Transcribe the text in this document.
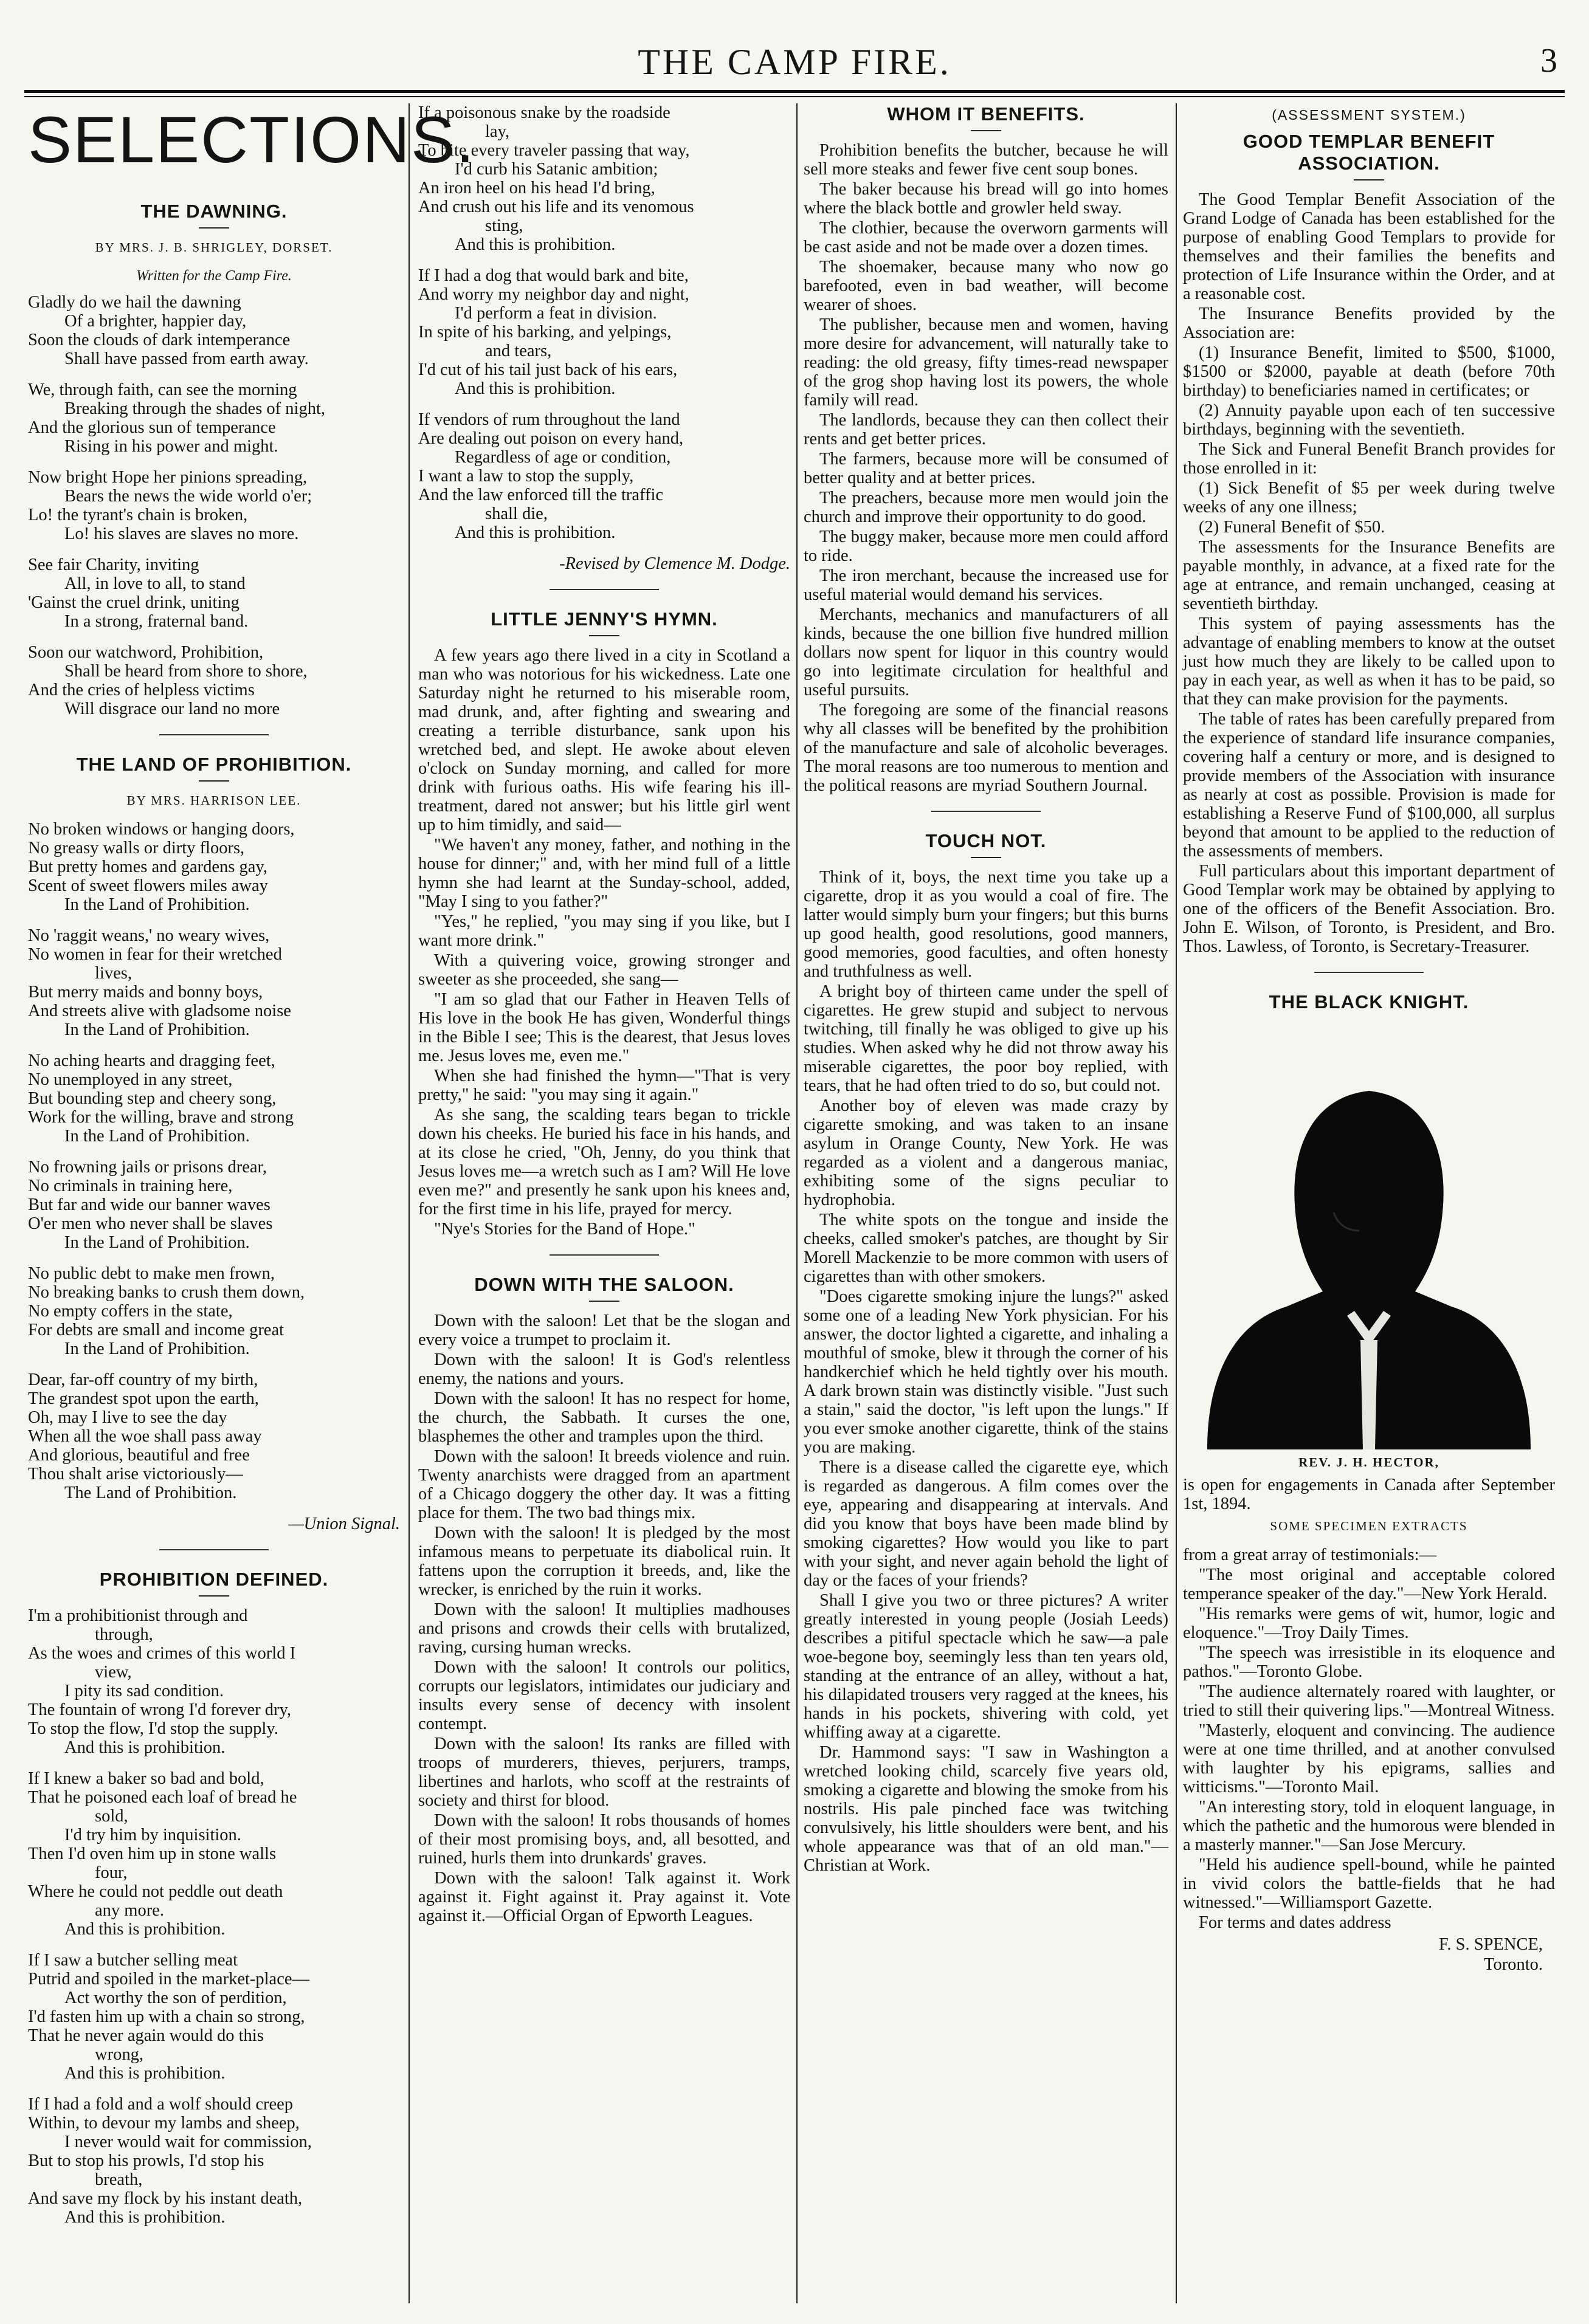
THE CAMP FIRE.	3
SELECTIONS.
THE DAWNING.
BY MRS. J. B. SHRIGLEY, DORSET.
Written for the Camp Fire.
Gladly do we hail the dawning
Of a brighter, happier day,
Soon the clouds of dark intemperance
Shall have passed from earth away.
We, through faith, can see the morning
Breaking through the shades of night,
And the glorious sun of temperance
Rising in his power and might.
Now bright Hope her pinions spreading,
Bears the news the wide world o'er;
Lo! the tyrant's chain is broken,
Lo! his slaves are slaves no more.
See fair Charity, inviting
All, in love to all, to stand
'Gainst the cruel drink, uniting
In a strong, fraternal band.
Soon our watchword, Prohibition,
Shall be heard from shore to shore,
And the cries of helpless victims
Will disgrace our land no more
THE LAND OF PROHIBITION.
BY MRS. HARRISON LEE.
No broken windows or hanging doors,
No greasy walls or dirty floors,
But pretty homes and gardens gay,
Scent of sweet flowers miles away
In the Land of Prohibition.
No 'raggit weans,' no weary wives,
No women in fear for their wretched
lives,
But merry maids and bonny boys,
And streets alive with gladsome noise
In the Land of Prohibition.
No aching hearts and dragging feet,
No unemployed in any street,
But bounding step and cheery song,
Work for the willing, brave and strong
In the Land of Prohibition.
No frowning jails or prisons drear,
No criminals in training here,
But far and wide our banner waves
O'er men who never shall be slaves
In the Land of Prohibition.
No public debt to make men frown,
No breaking banks to crush them down,
No empty coffers in the state,
For debts are small and income great
In the Land of Prohibition.
Dear, far-off country of my birth,
The grandest spot upon the earth,
Oh, may I live to see the day
When all the woe shall pass away
And glorious, beautiful and free
Thou shalt arise victoriously—
The Land of Prohibition.
—Union Signal.
PROHIBITION DEFINED.
I'm a prohibitionist through and
through,
As the woes and crimes of this world I
view,
I pity its sad condition.
The fountain of wrong I'd forever dry,
To stop the flow, I'd stop the supply.
And this is prohibition.
If I knew a baker so bad and bold,
That he poisoned each loaf of bread he
sold,
I'd try him by inquisition.
Then I'd oven him up in stone walls
four,
Where he could not peddle out death
any more.
And this is prohibition.
If I saw a butcher selling meat
Putrid and spoiled in the market-place—
Act worthy the son of perdition,
I'd fasten him up with a chain so strong,
That he never again would do this
wrong,
And this is prohibition.
If I had a fold and a wolf should creep
Within, to devour my lambs and sheep,
I never would wait for commission,
But to stop his prowls, I'd stop his
breath,
And save my flock by his instant death,
And this is prohibition.
If a poisonous snake by the roadside
lay,
To bite every traveler passing that way,
I'd curb his Satanic ambition;
An iron heel on his head I'd bring,
And crush out his life and its venomous
sting,
And this is prohibition.
If I had a dog that would bark and bite,
And worry my neighbor day and night,
I'd perform a feat in division.
In spite of his barking, and yelpings,
and tears,
I'd cut of his tail just back of his ears,
And this is prohibition.
If vendors of rum throughout the land
Are dealing out poison on every hand,
Regardless of age or condition,
I want a law to stop the supply,
And the law enforced till the traffic
shall die,
And this is prohibition.
-Revised by Clemence M. Dodge.
LITTLE JENNY'S HYMN.

A few years ago there lived in a city in Scotland a man who was notorious for his wickedness. Late one Saturday night he returned to his miserable room, mad drunk, and, after fighting and swearing and creating a terrible disturbance, sank upon his wretched bed, and slept. He awoke about eleven o'clock on Sunday morning, and called for more drink with furious oaths. His wife fearing his ill-treatment, dared not answer; but his little girl went up to him timidly, and said—

"We haven't any money, father, and nothing in the house for dinner;" and, with her mind full of a little hymn she had learnt at the Sunday-school, added, "May I sing to you father?"

"Yes," he replied, "you may sing if you like, but I want more drink."

With a quivering voice, growing stronger and sweeter as she proceeded, she sang—

"I am so glad that our Father in Heaven Tells of His love in the book He has given, Wonderful things in the Bible I see; This is the dearest, that Jesus loves me. Jesus loves me, even me."

When she had finished the hymn—"That is very pretty," he said: "you may sing it again."

As she sang, the scalding tears began to trickle down his cheeks. He buried his face in his hands, and at its close he cried, "Oh, Jenny, do you think that Jesus loves me—a wretch such as I am? Will He love even me?" and presently he sank upon his knees and, for the first time in his life, prayed for mercy.

"Nye's Stories for the Band of Hope."

DOWN WITH THE SALOON.

Down with the saloon! Let that be the slogan and every voice a trumpet to proclaim it.

Down with the saloon! It is God's relentless enemy, the nations and yours.

Down with the saloon! It has no respect for home, the church, the Sabbath. It curses the one, blasphemes the other and tramples upon the third.

Down with the saloon! It breeds violence and ruin. Twenty anarchists were dragged from an apartment of a Chicago doggery the other day. It was a fitting place for them. The two bad things mix.

Down with the saloon! It is pledged by the most infamous means to perpetuate its diabolical ruin. It fattens upon the corruption it breeds, and, like the wrecker, is enriched by the ruin it works.

Down with the saloon! It multiplies madhouses and prisons and crowds their cells with brutalized, raving, cursing human wrecks.

Down with the saloon! It controls our politics, corrupts our legislators, intimidates our judiciary and insults every sense of decency with insolent contempt.

Down with the saloon! Its ranks are filled with troops of murderers, thieves, perjurers, tramps, libertines and harlots, who scoff at the restraints of society and thirst for blood.

Down with the saloon! It robs thousands of homes of their most promising boys, and, all besotted, and ruined, hurls them into drunkards' graves.

Down with the saloon! Talk against it. Work against it. Fight against it. Pray against it. Vote against it.—Official Organ of Epworth Leagues.

WHOM IT BENEFITS.

Prohibition benefits the butcher, because he will sell more steaks and fewer five cent soup bones.

The baker because his bread will go into homes where the black bottle and growler held sway.

The clothier, because the overworn garments will be cast aside and not be made over a dozen times.

The shoemaker, because many who now go barefooted, even in bad weather, will become wearer of shoes.

The publisher, because men and women, having more desire for advancement, will naturally take to reading: the old greasy, fifty times-read newspaper of the grog shop having lost its powers, the whole family will read.

The landlords, because they can then collect their rents and get better prices.

The farmers, because more will be consumed of better quality and at better prices.

The preachers, because more men would join the church and improve their opportunity to do good.

The buggy maker, because more men could afford to ride.

The iron merchant, because the increased use for useful material would demand his services.

Merchants, mechanics and manufacturers of all kinds, because the one billion five hundred million dollars now spent for liquor in this country would go into legitimate circulation for healthful and useful pursuits.

The foregoing are some of the financial reasons why all classes will be benefited by the prohibition of the manufacture and sale of alcoholic beverages. The moral reasons are too numerous to mention and the political reasons are myriad Southern Journal.

TOUCH NOT.

Think of it, boys, the next time you take up a cigarette, drop it as you would a coal of fire. The latter would simply burn your fingers; but this burns up good health, good resolutions, good manners, good memories, good faculties, and often honesty and truthfulness as well.

A bright boy of thirteen came under the spell of cigarettes. He grew stupid and subject to nervous twitching, till finally he was obliged to give up his studies. When asked why he did not throw away his miserable cigarettes, the poor boy replied, with tears, that he had often tried to do so, but could not.

Another boy of eleven was made crazy by cigarette smoking, and was taken to an insane asylum in Orange County, New York. He was regarded as a violent and a dangerous maniac, exhibiting some of the signs peculiar to hydrophobia.

The white spots on the tongue and inside the cheeks, called smoker's patches, are thought by Sir Morell Mackenzie to be more common with users of cigarettes than with other smokers.

"Does cigarette smoking injure the lungs?" asked some one of a leading New York physician. For his answer, the doctor lighted a cigarette, and inhaling a mouthful of smoke, blew it through the corner of his handkerchief which he held tightly over his mouth. A dark brown stain was distinctly visible. "Just such a stain," said the doctor, "is left upon the lungs." If you ever smoke another cigarette, think of the stains you are making.

There is a disease called the cigarette eye, which is regarded as dangerous. A film comes over the eye, appearing and disappearing at intervals. And did you know that boys have been made blind by smoking cigarettes? How would you like to part with your sight, and never again behold the light of day or the faces of your friends?

Shall I give you two or three pictures? A writer greatly interested in young people (Josiah Leeds) describes a pitiful spectacle which he saw—a pale woe-begone boy, seemingly less than ten years old, standing at the entrance of an alley, without a hat, his dilapidated trousers very ragged at the knees, his hands in his pockets, shivering with cold, yet whiffing away at a cigarette.

Dr. Hammond says: "I saw in Washington a wretched looking child, scarcely five years old, smoking a cigarette and blowing the smoke from his nostrils. His pale pinched face was twitching convulsively, his little shoulders were bent, and his whole appearance was that of an old man."—Christian at Work.

(ASSESSMENT SYSTEM.)
GOOD TEMPLAR BENEFIT ASSOCIATION.

The Good Templar Benefit Association of the Grand Lodge of Canada has been established for the purpose of enabling Good Templars to provide for themselves and their families the benefits and protection of Life Insurance within the Order, and at a reasonable cost.

The Insurance Benefits provided by the Association are:

(1) Insurance Benefit, limited to $500, $1000, $1500 or $2000, payable at death (before 70th birthday) to beneficiaries named in certificates; or

(2) Annuity payable upon each of ten successive birthdays, beginning with the seventieth.

The Sick and Funeral Benefit Branch provides for those enrolled in it:

(1) Sick Benefit of $5 per week during twelve weeks of any one illness;

(2) Funeral Benefit of $50.

The assessments for the Insurance Benefits are payable monthly, in advance, at a fixed rate for the age at entrance, and remain unchanged, ceasing at seventieth birthday.

This system of paying assessments has the advantage of enabling members to know at the outset just how much they are likely to be called upon to pay in each year, as well as when it has to be paid, so that they can make provision for the payments.

The table of rates has been carefully prepared from the experience of standard life insurance companies, covering half a century or more, and is designed to provide members of the Association with insurance as nearly at cost as possible. Provision is made for establishing a Reserve Fund of $100,000, all surplus beyond that amount to be applied to the reduction of the assessments of members.

Full particulars about this important department of Good Templar work may be obtained by applying to one of the officers of the Benefit Association. Bro. John E. Wilson, of Toronto, is President, and Bro. Thos. Lawless, of Toronto, is Secretary-Treasurer.

THE BLACK KNIGHT.
REV. J. H. HECTOR,

is open for engagements in Canada after September 1st, 1894.

SOME SPECIMEN EXTRACTS

from a great array of testimonials:—

"The most original and acceptable colored temperance speaker of the day."—New York Herald.

"His remarks were gems of wit, humor, logic and eloquence."—Troy Daily Times.

"The speech was irresistible in its eloquence and pathos."—Toronto Globe.

"The audience alternately roared with laughter, or tried to still their quivering lips."—Montreal Witness.

"Masterly, eloquent and convincing. The audience were at one time thrilled, and at another convulsed with laughter by his epigrams, sallies and witticisms."—Toronto Mail.

"An interesting story, told in eloquent language, in which the pathetic and the humorous were blended in a masterly manner."—San Jose Mercury.

"Held his audience spell-bound, while he painted in vivid colors the battle-fields that he had witnessed."—Williamsport Gazette.

For terms and dates address

F. S. SPENCE,
Toronto.
